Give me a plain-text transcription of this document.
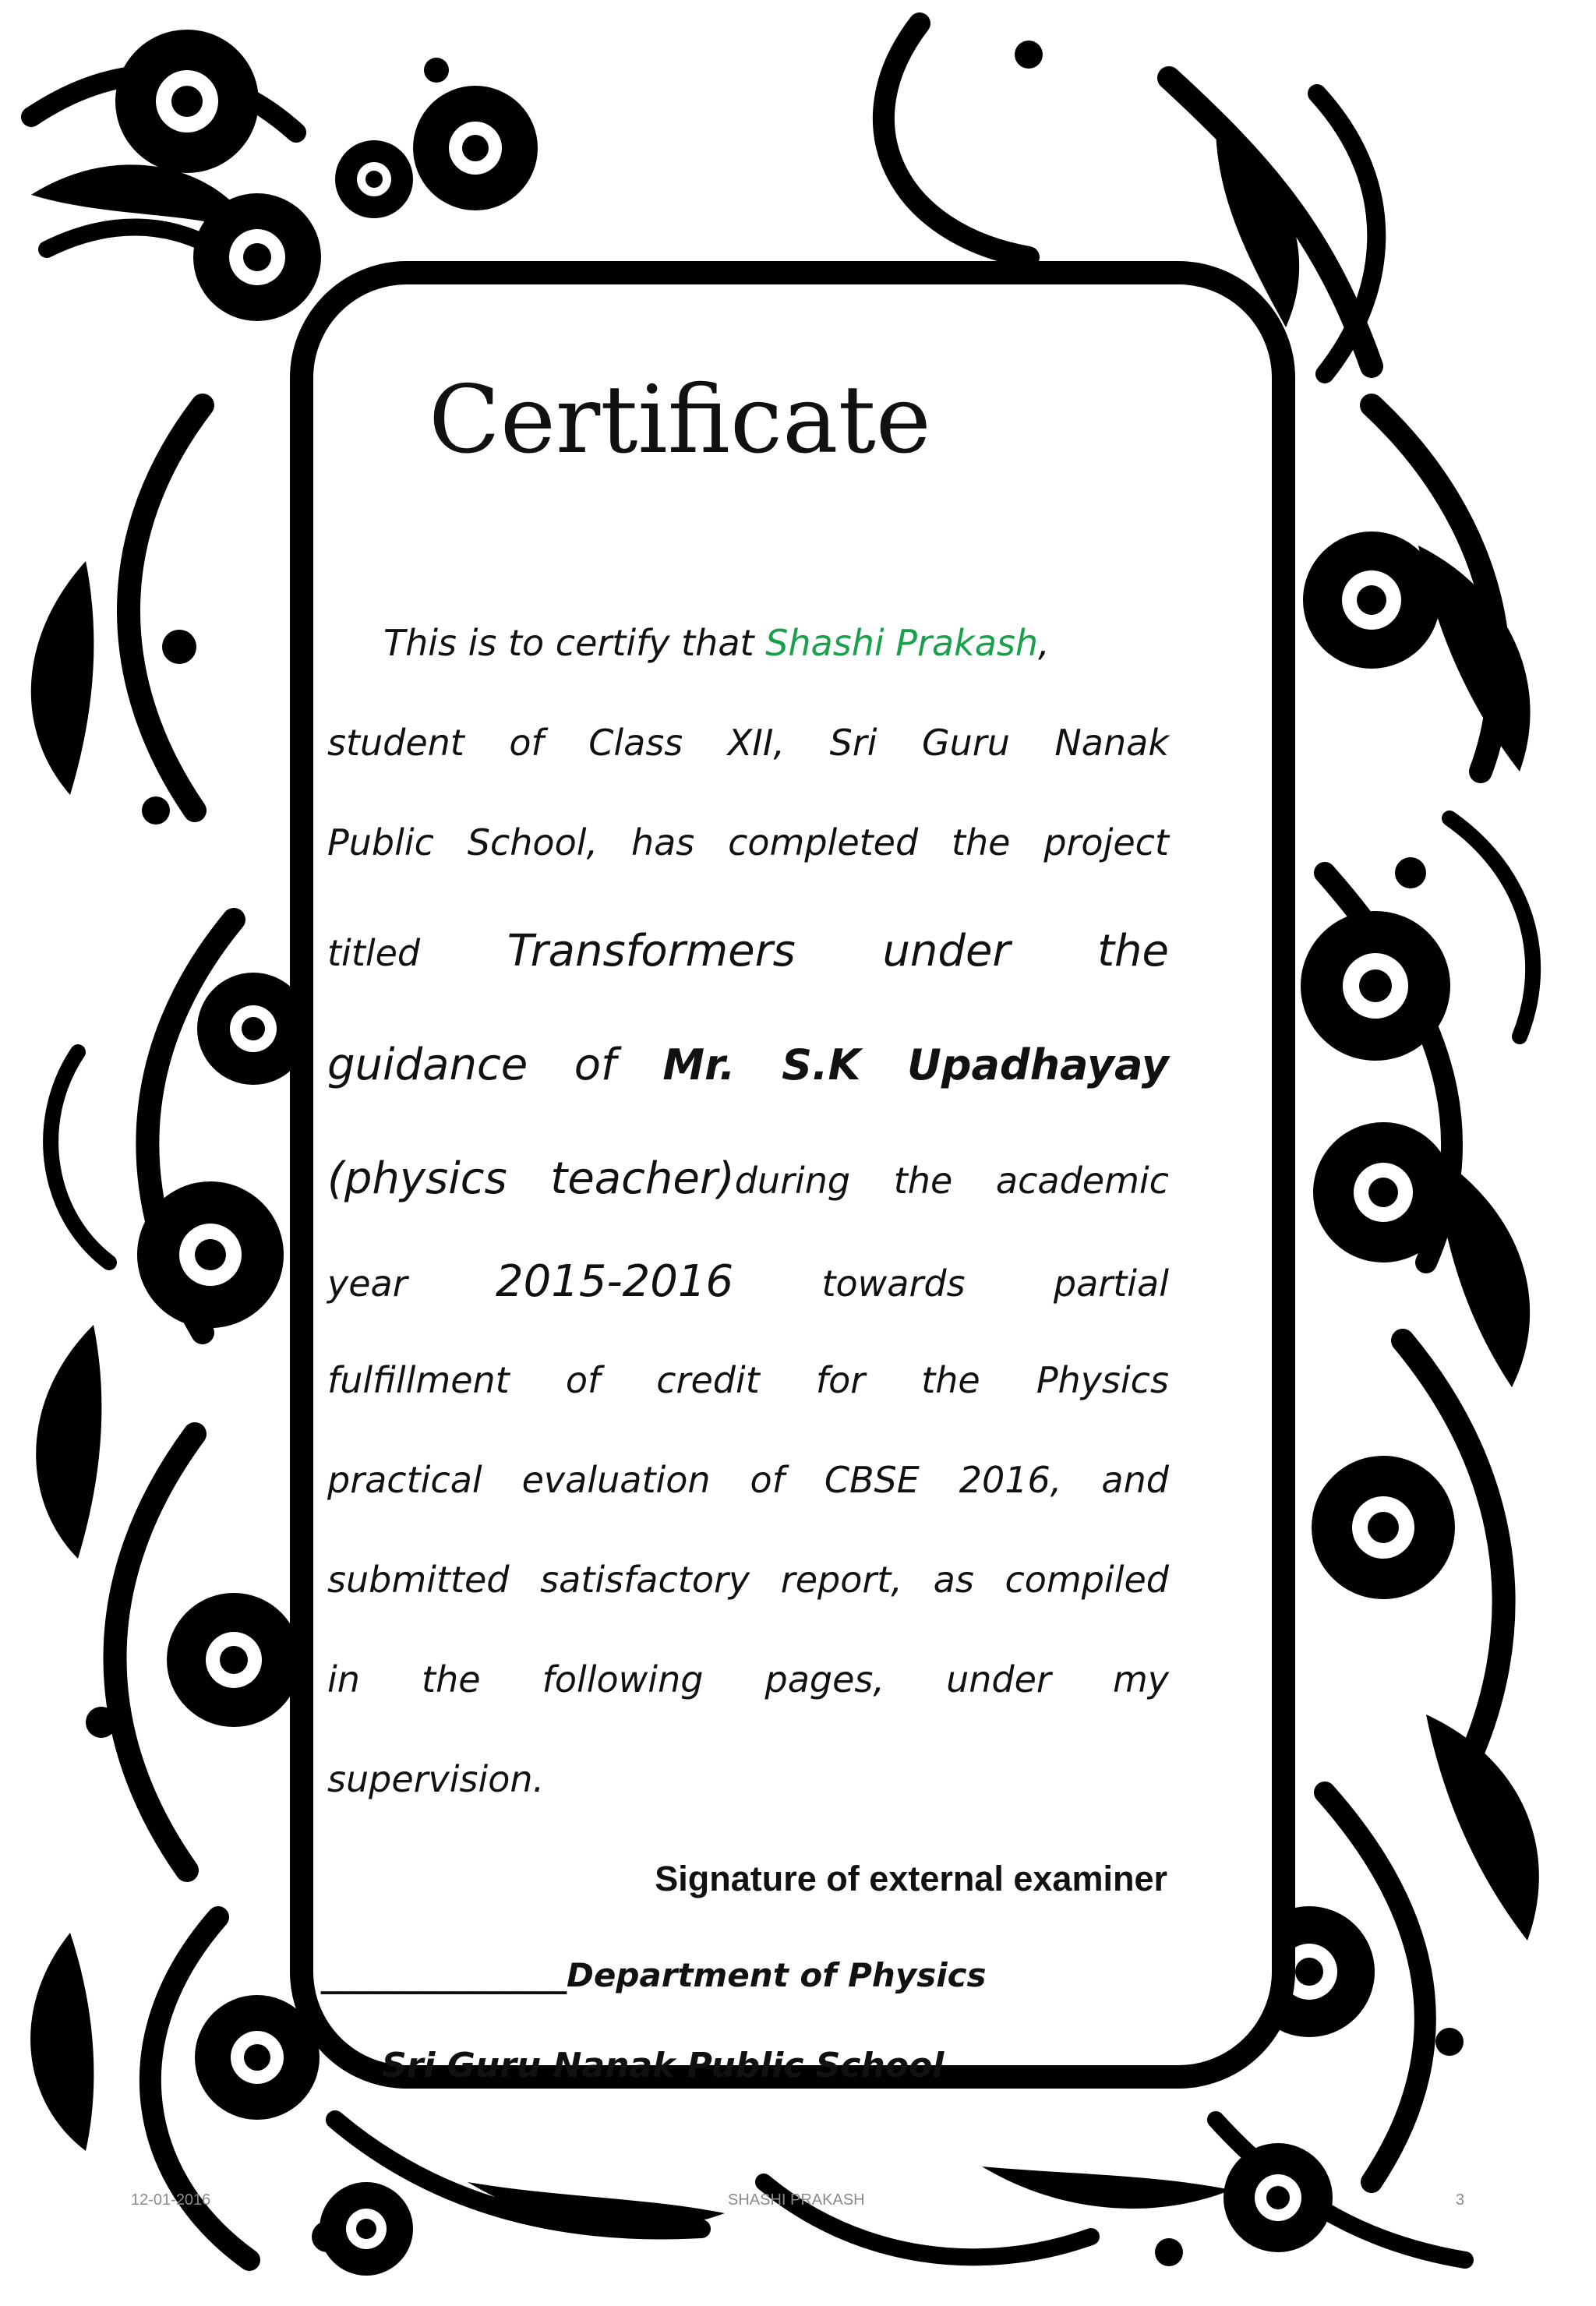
Certificate
This is to certify that
Shashi Prakash ,
student of Class XII, Sri Guru Nanak
Public School, has completed the project
titled Transformers under the
guidance of Mr. S.K Upadhayay
(physics teacher)during the academic
year 2015-2016 towards partial
fulfillment of credit for the Physics
practical evaluation of CBSE 2016, and
submitted satisfactory report, as compiled
in the following pages, under my
supervision.
Signature of external examiner
_______________Department of Physics
Sri Guru Nanak Public School
12-01-2016	SHASHI PRAKASH	3
